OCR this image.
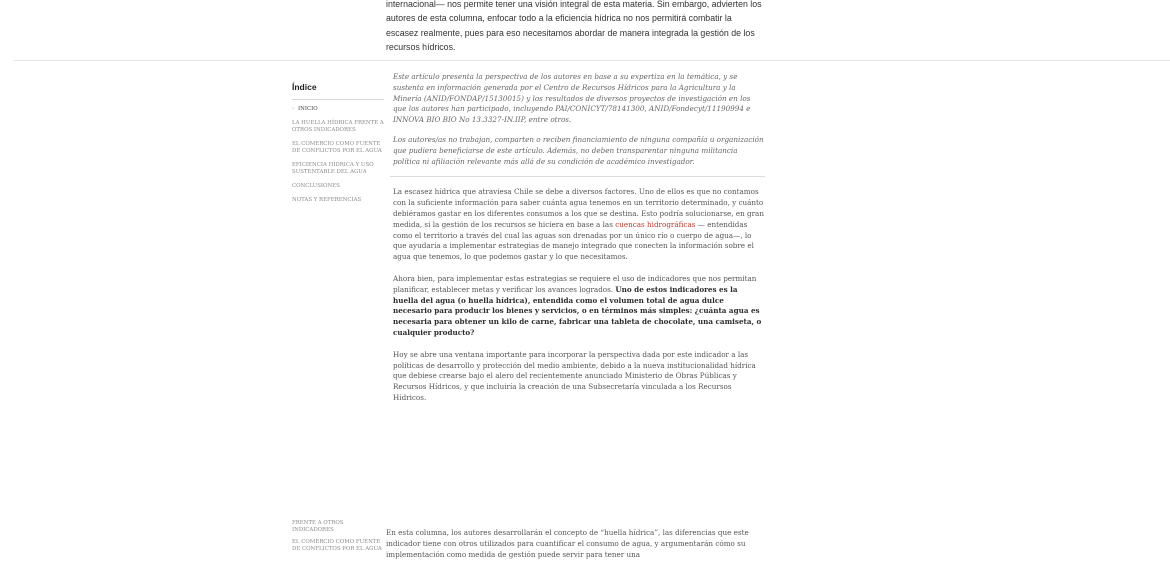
internacional— nos permite tener una visión integral de esta materia. Sin embargo, advierten los autores de esta columna, enfocar todo a la eficiencia hídrica no nos permitirá combatir la escasez realmente, pues para eso necesitamos abordar de manera integrada la gestión de los recursos hídricos.
Índice
› INICIO
LA HUELLA HÍDRICA FRENTE A OTROS INDICADORES
EL COMERCIO COMO FUENTE DE CONFLICTOS POR EL AGUA
EFICIENCIA HÍDRICA Y USO SUSTENTABLE DEL AGUA
CONCLUSIONES
NOTAS Y REFERENCIAS
FRENTE A OTROS INDICADORES
EL COMERCIO COMO FUENTE DE CONFLICTOS POR EL AGUA

Este artículo presenta la perspectiva de los autores en base a su expertiza en la temática, y se sustenta en información generada por el Centro de Recursos Hídricos para la Agricultura y la Minería (ANID/FONDAP/15130015) y los resultados de diversos proyectos de investigación en los que los autores han participado, incluyendo PAI/CONICYT/78141300, ANID/Fondecyt/11190994 e INNOVA BIO BIO No 13.3327-IN.IIP, entre otros.

Los autores/as no trabajan, comparten o reciben financiamiento de ninguna compañía u organización que pudiera beneficiarse de este artículo. Además, no deben transparentar ninguna militancia política ni afiliación relevante más allá de su condición de académico investigador.

La escasez hídrica que atraviesa Chile se debe a diversos factores. Uno de ellos es que no contamos con la suficiente información para saber cuánta agua tenemos en un territorio determinado, y cuánto debiéramos gastar en los diferentes consumos a los que se destina. Esto podría solucionarse, en gran medida, si la gestión de los recursos se hiciera en base a las cuencas hidrográficas — entendidas como el territorio a través del cual las aguas son drenadas por un único río o cuerpo de agua—, lo que ayudaría a implementar estrategias de manejo integrado que conecten la información sobre el agua que tenemos, lo que podemos gastar y lo que necesitamos.

Ahora bien, para implementar estas estrategias se requiere el uso de indicadores que nos permitan planificar, establecer metas y verificar los avances logrados. Uno de estos indicadores es la huella del agua (o huella hídrica), entendida como el volumen total de agua dulce necesario para producir los bienes y servicios, o en términos más simples: ¿cuánta agua es necesaria para obtener un kilo de carne, fabricar una tableta de chocolate, una camiseta, o cualquier producto?

Hoy se abre una ventana importante para incorporar la perspectiva dada por este indicador a las políticas de desarrollo y protección del medio ambiente, debido a la nueva institucionalidad hídrica que debiese crearse bajo el alero del recientemente anunciado Ministerio de Obras Públicas y Recursos Hídricos, y que incluiría la creación de una Subsecretaría vinculada a los Recursos Hídricos.

En esta columna, los autores desarrollarán el concepto de “huella hídrica”, las diferencias que este indicador tiene con otros utilizados para cuantificar el consumo de agua, y argumentarán cómo su implementación como medida de gestión puede servir para tener una
